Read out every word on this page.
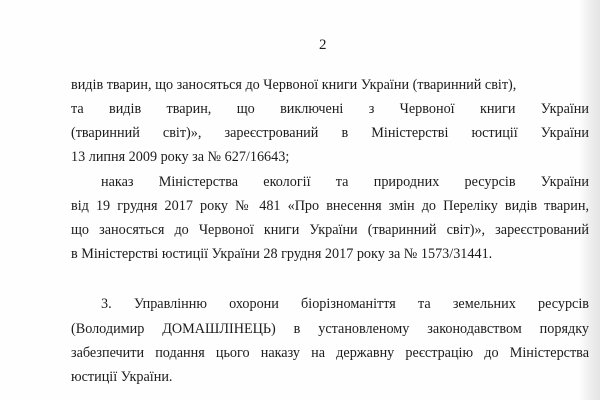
2
видів тварин, що заносяться до Червоної книги України (тваринний світ),
та видів тварин, що виключені з Червоної книги України
(тваринний світ)», зареєстрований в Міністерстві юстиції України
13 липня 2009 року за № 627/16643;
наказ Міністерства екології та природних ресурсів України
від 19 грудня 2017 року № 481 «Про внесення змін до Переліку видів тварин,
що заносяться до Червоної книги України (тваринний світ)», зареєстрований
в Міністерстві юстиції України 28 грудня 2017 року за № 1573/31441.
3. Управлінню охорони біорізноманіття та земельних ресурсів
(Володимир ДОМАШЛІНЕЦЬ) в установленому законодавством порядку
забезпечити подання цього наказу на державну реєстрацію до Міністерства
юстиції України.
